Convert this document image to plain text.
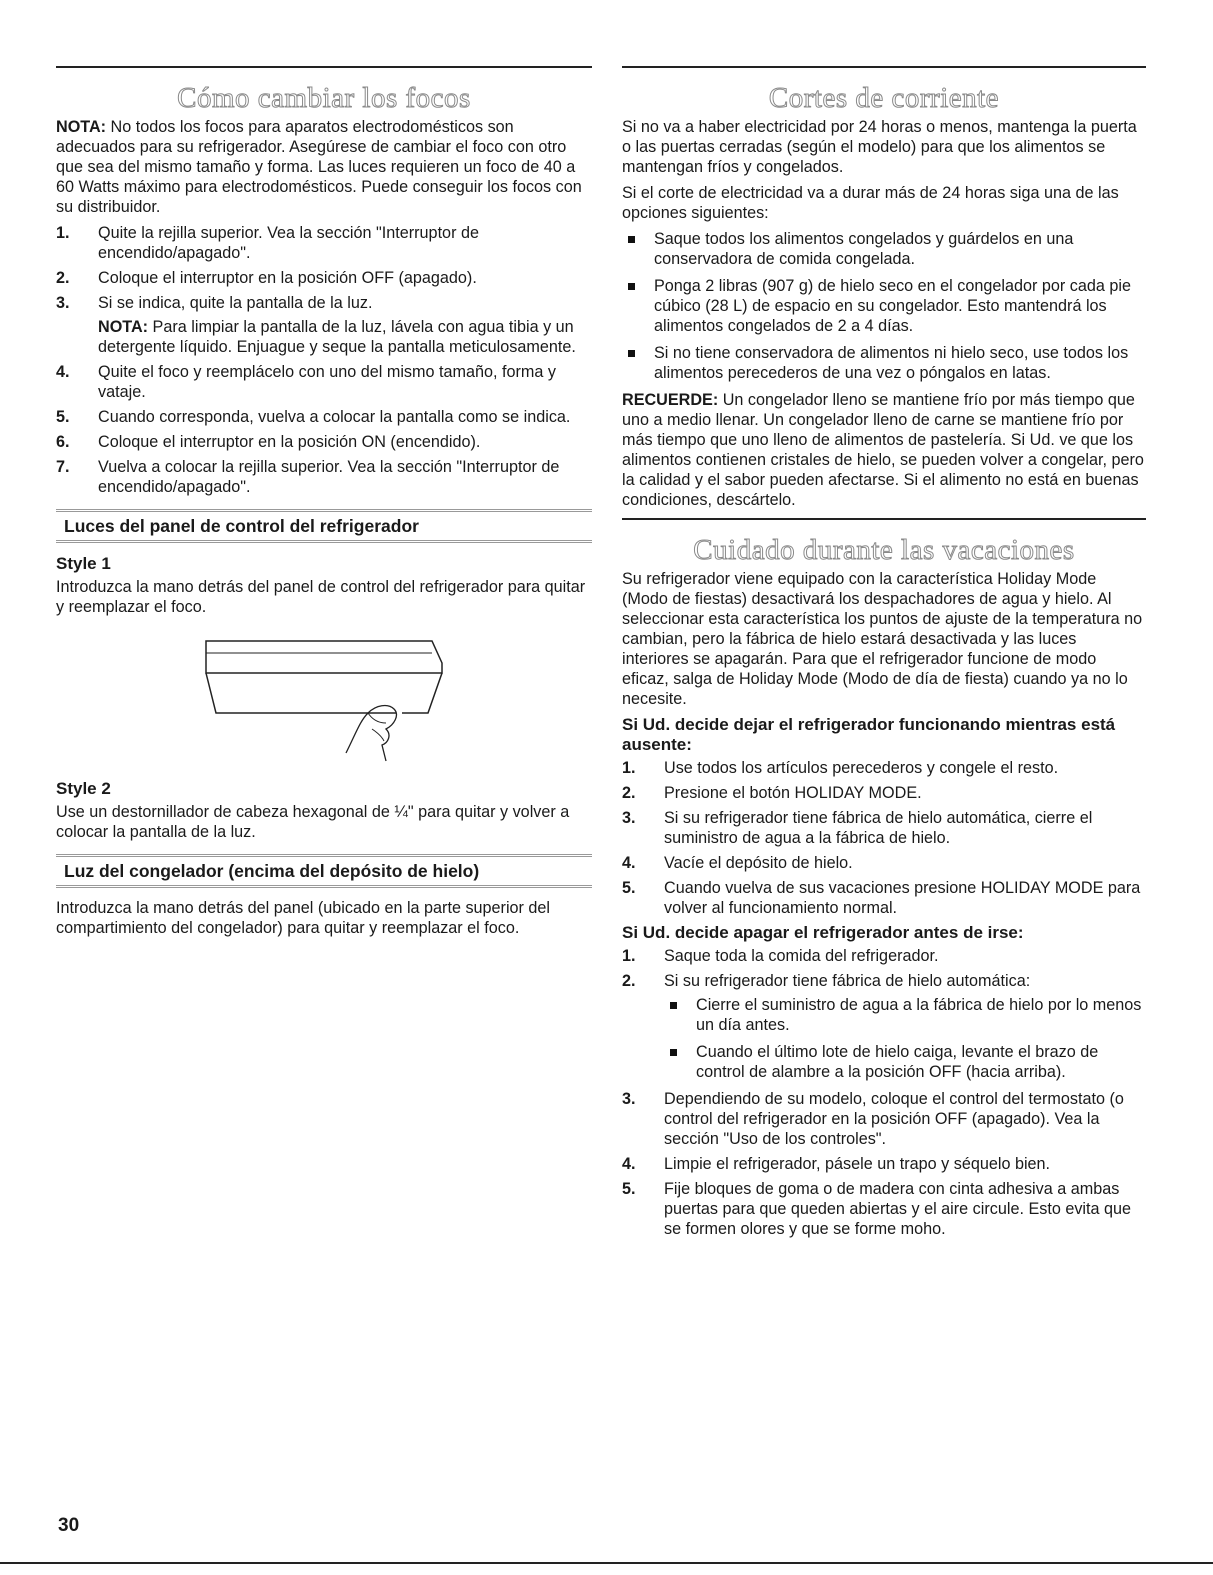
Cómo cambiar los focos

NOTA: No todos los focos para aparatos electrodomésticos son adecuados para su refrigerador. Asegúrese de cambiar el foco con otro que sea del mismo tamaño y forma. Las luces requieren un foco de 40 a 60 Watts máximo para electrodomésticos. Puede conseguir los focos con su distribuidor.

1. Quite la rejilla superior. Vea la sección "Interruptor de encendido/apagado".
2. Coloque el interruptor en la posición OFF (apagado).
3. Si se indica, quite la pantalla de la luz.

NOTA: Para limpiar la pantalla de la luz, lávela con agua tibia y un detergente líquido. Enjuague y seque la pantalla meticulosamente.

4. Quite el foco y reemplácelo con uno del mismo tamaño, forma y vataje.
5. Cuando corresponda, vuelva a colocar la pantalla como se indica.
6. Coloque el interruptor en la posición ON (encendido).
7. Vuelva a colocar la rejilla superior. Vea la sección "Interruptor de encendido/apagado".
Luces del panel de control del refrigerador
Style 1

Introduzca la mano detrás del panel de control del refrigerador para quitar y reemplazar el foco.

Style 2

Use un destornillador de cabeza hexagonal de ¼" para quitar y volver a colocar la pantalla de la luz.

Luz del congelador (encima del depósito de hielo)

Introduzca la mano detrás del panel (ubicado en la parte superior del compartimiento del congelador) para quitar y reemplazar el foco.

Cortes de corriente

Si no va a haber electricidad por 24 horas o menos, mantenga la puerta o las puertas cerradas (según el modelo) para que los alimentos se mantengan fríos y congelados.

Si el corte de electricidad va a durar más de 24 horas siga una de las opciones siguientes:

Saque todos los alimentos congelados y guárdelos en una conservadora de comida congelada.
Ponga 2 libras (907 g) de hielo seco en el congelador por cada pie cúbico (28 L) de espacio en su congelador. Esto mantendrá los alimentos congelados de 2 a 4 días.
Si no tiene conservadora de alimentos ni hielo seco, use todos los alimentos perecederos de una vez o póngalos en latas.

RECUERDE: Un congelador lleno se mantiene frío por más tiempo que uno a medio llenar. Un congelador lleno de carne se mantiene frío por más tiempo que uno lleno de alimentos de pastelería. Si Ud. ve que los alimentos contienen cristales de hielo, se pueden volver a congelar, pero la calidad y el sabor pueden afectarse. Si el alimento no está en buenas condiciones, descártelo.

Cuidado durante las vacaciones

Su refrigerador viene equipado con la característica Holiday Mode (Modo de fiestas) desactivará los despachadores de agua y hielo. Al seleccionar esta característica los puntos de ajuste de la temperatura no cambian, pero la fábrica de hielo estará desactivada y las luces interiores se apagarán. Para que el refrigerador funcione de modo eficaz, salga de Holiday Mode (Modo de día de fiesta) cuando ya no lo necesite.

Si Ud. decide dejar el refrigerador funcionando mientras está ausente:
1. Use todos los artículos perecederos y congele el resto.
2. Presione el botón HOLIDAY MODE.
3. Si su refrigerador tiene fábrica de hielo automática, cierre el suministro de agua a la fábrica de hielo.
4. Vacíe el depósito de hielo.
5. Cuando vuelva de sus vacaciones presione HOLIDAY MODE para volver al funcionamiento normal.
Si Ud. decide apagar el refrigerador antes de irse:
1. Saque toda la comida del refrigerador.
2. Si su refrigerador tiene fábrica de hielo automática:
Cierre el suministro de agua a la fábrica de hielo por lo menos un día antes.
Cuando el último lote de hielo caiga, levante el brazo de control de alambre a la posición OFF (hacia arriba).
3. Dependiendo de su modelo, coloque el control del termostato (o control del refrigerador en la posición OFF (apagado). Vea la sección "Uso de los controles".
4. Limpie el refrigerador, pásele un trapo y séquelo bien.
5. Fije bloques de goma o de madera con cinta adhesiva a ambas puertas para que queden abiertas y el aire circule. Esto evita que se formen olores y que se forme moho.
30
